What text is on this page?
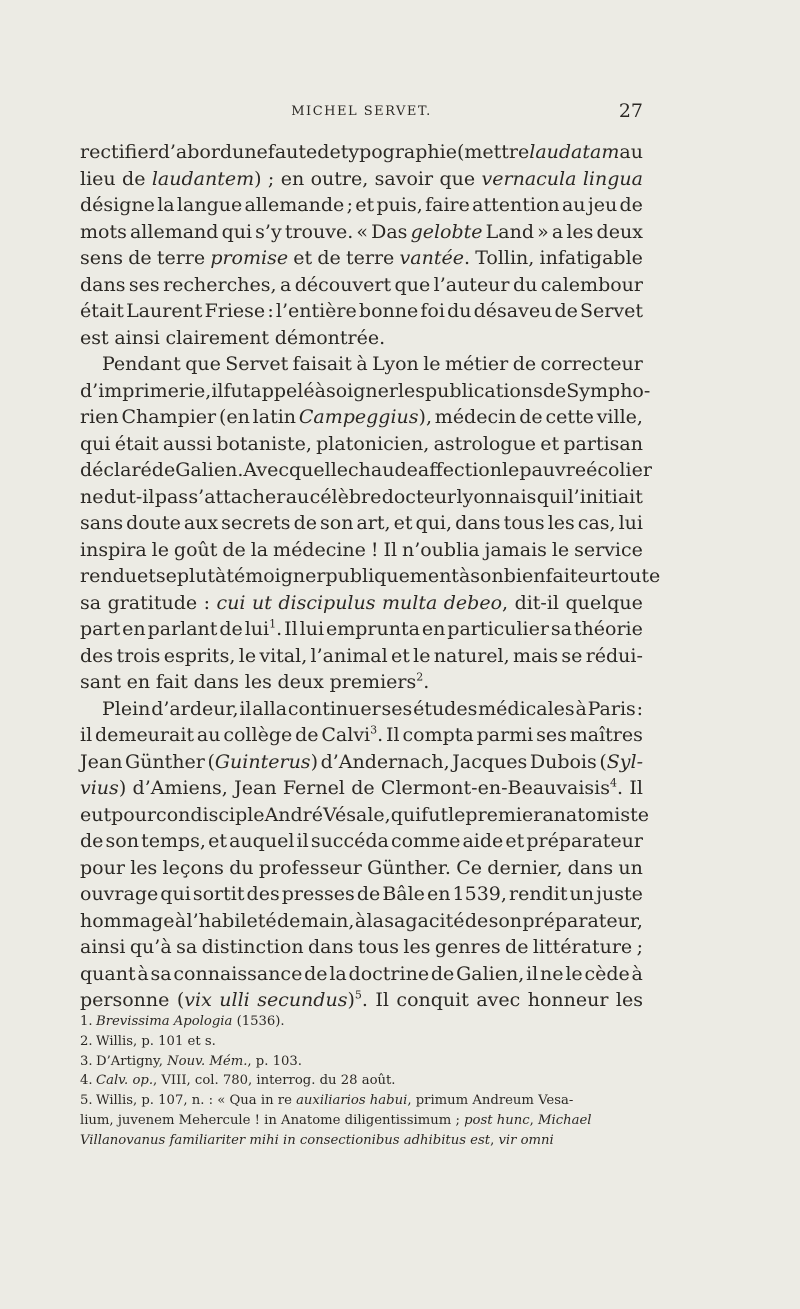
MICHEL SERVET.	27
rectifier d’abord une faute de typographie (mettre laudatam au
lieu de laudantem) ; en outre, savoir que vernacula lingua
désigne la langue allemande ; et puis, faire attention au jeu de
mots allemand qui s’y trouve. « Das gelobte Land » a les deux
sens de terre promise et de terre vantée. Tollin, infatigable
dans ses recherches, a découvert que l’auteur du calembour
était Laurent Friese : l’entière bonne foi du désaveu de Servet
est ainsi clairement démontrée.
Pendant que Servet faisait à Lyon le métier de correcteur
d’imprimerie, il fut appelé à soigner les publications de Sympho-
rien Champier (en latin Campeggius), médecin de cette ville,
qui était aussi botaniste, platonicien, astrologue et partisan
déclaré de Galien. Avec quelle chaude affection le pauvre écolier
ne dut-il pas s’attacher au célèbre docteur lyonnais qui l’initiait
sans doute aux secrets de son art, et qui, dans tous les cas, lui
inspira le goût de la médecine ! Il n’oublia jamais le service
rendu et se plut à témoigner publiquement à son bienfaiteur toute
sa gratitude : cui ut discipulus multa debeo, dit-il quelque
part en parlant de lui$^1$. Il lui emprunta en particulier sa théorie
des trois esprits, le vital, l’animal et le naturel, mais se rédui-
sant en fait dans les deux premiers$^2$.
Plein d’ardeur, il alla continuer ses études médicales à Paris :
il demeurait au collège de Calvi$^3$. Il compta parmi ses maîtres
Jean Günther (Guinterus) d’Andernach, Jacques Dubois (Syl-
vius) d’Amiens, Jean Fernel de Clermont-en-Beauvaisis$^4$. Il
eut pour condisciple André Vésale, qui fut le premier anatomiste
de son temps, et auquel il succéda comme aide et préparateur
pour les leçons du professeur Günther. Ce dernier, dans un
ouvrage qui sortit des presses de Bâle en 1539, rendit un juste
hommage à l’habileté de main, à la sagacité de son préparateur,
ainsi qu’à sa distinction dans tous les genres de littérature ;
quant à sa connaissance de la doctrine de Galien, il ne le cède à
personne (vix ulli secundus)$^5$. Il conquit avec honneur les
1. Brevissima Apologia (1536).
2. Willis, p. 101 et s.
3. D’Artigny, Nouv. Mém., p. 103.
4. Calv. op., VIII, col. 780, interrog. du 28 août.
5. Willis, p. 107, n. : « Qua in re auxiliarios habui, primum Andreum Vesa-
lium, juvenem Mehercule ! in Anatome diligentissimum ; post hunc, Michael
Villanovanus familiariter mihi in consectionibus adhibitus est, vir omni
